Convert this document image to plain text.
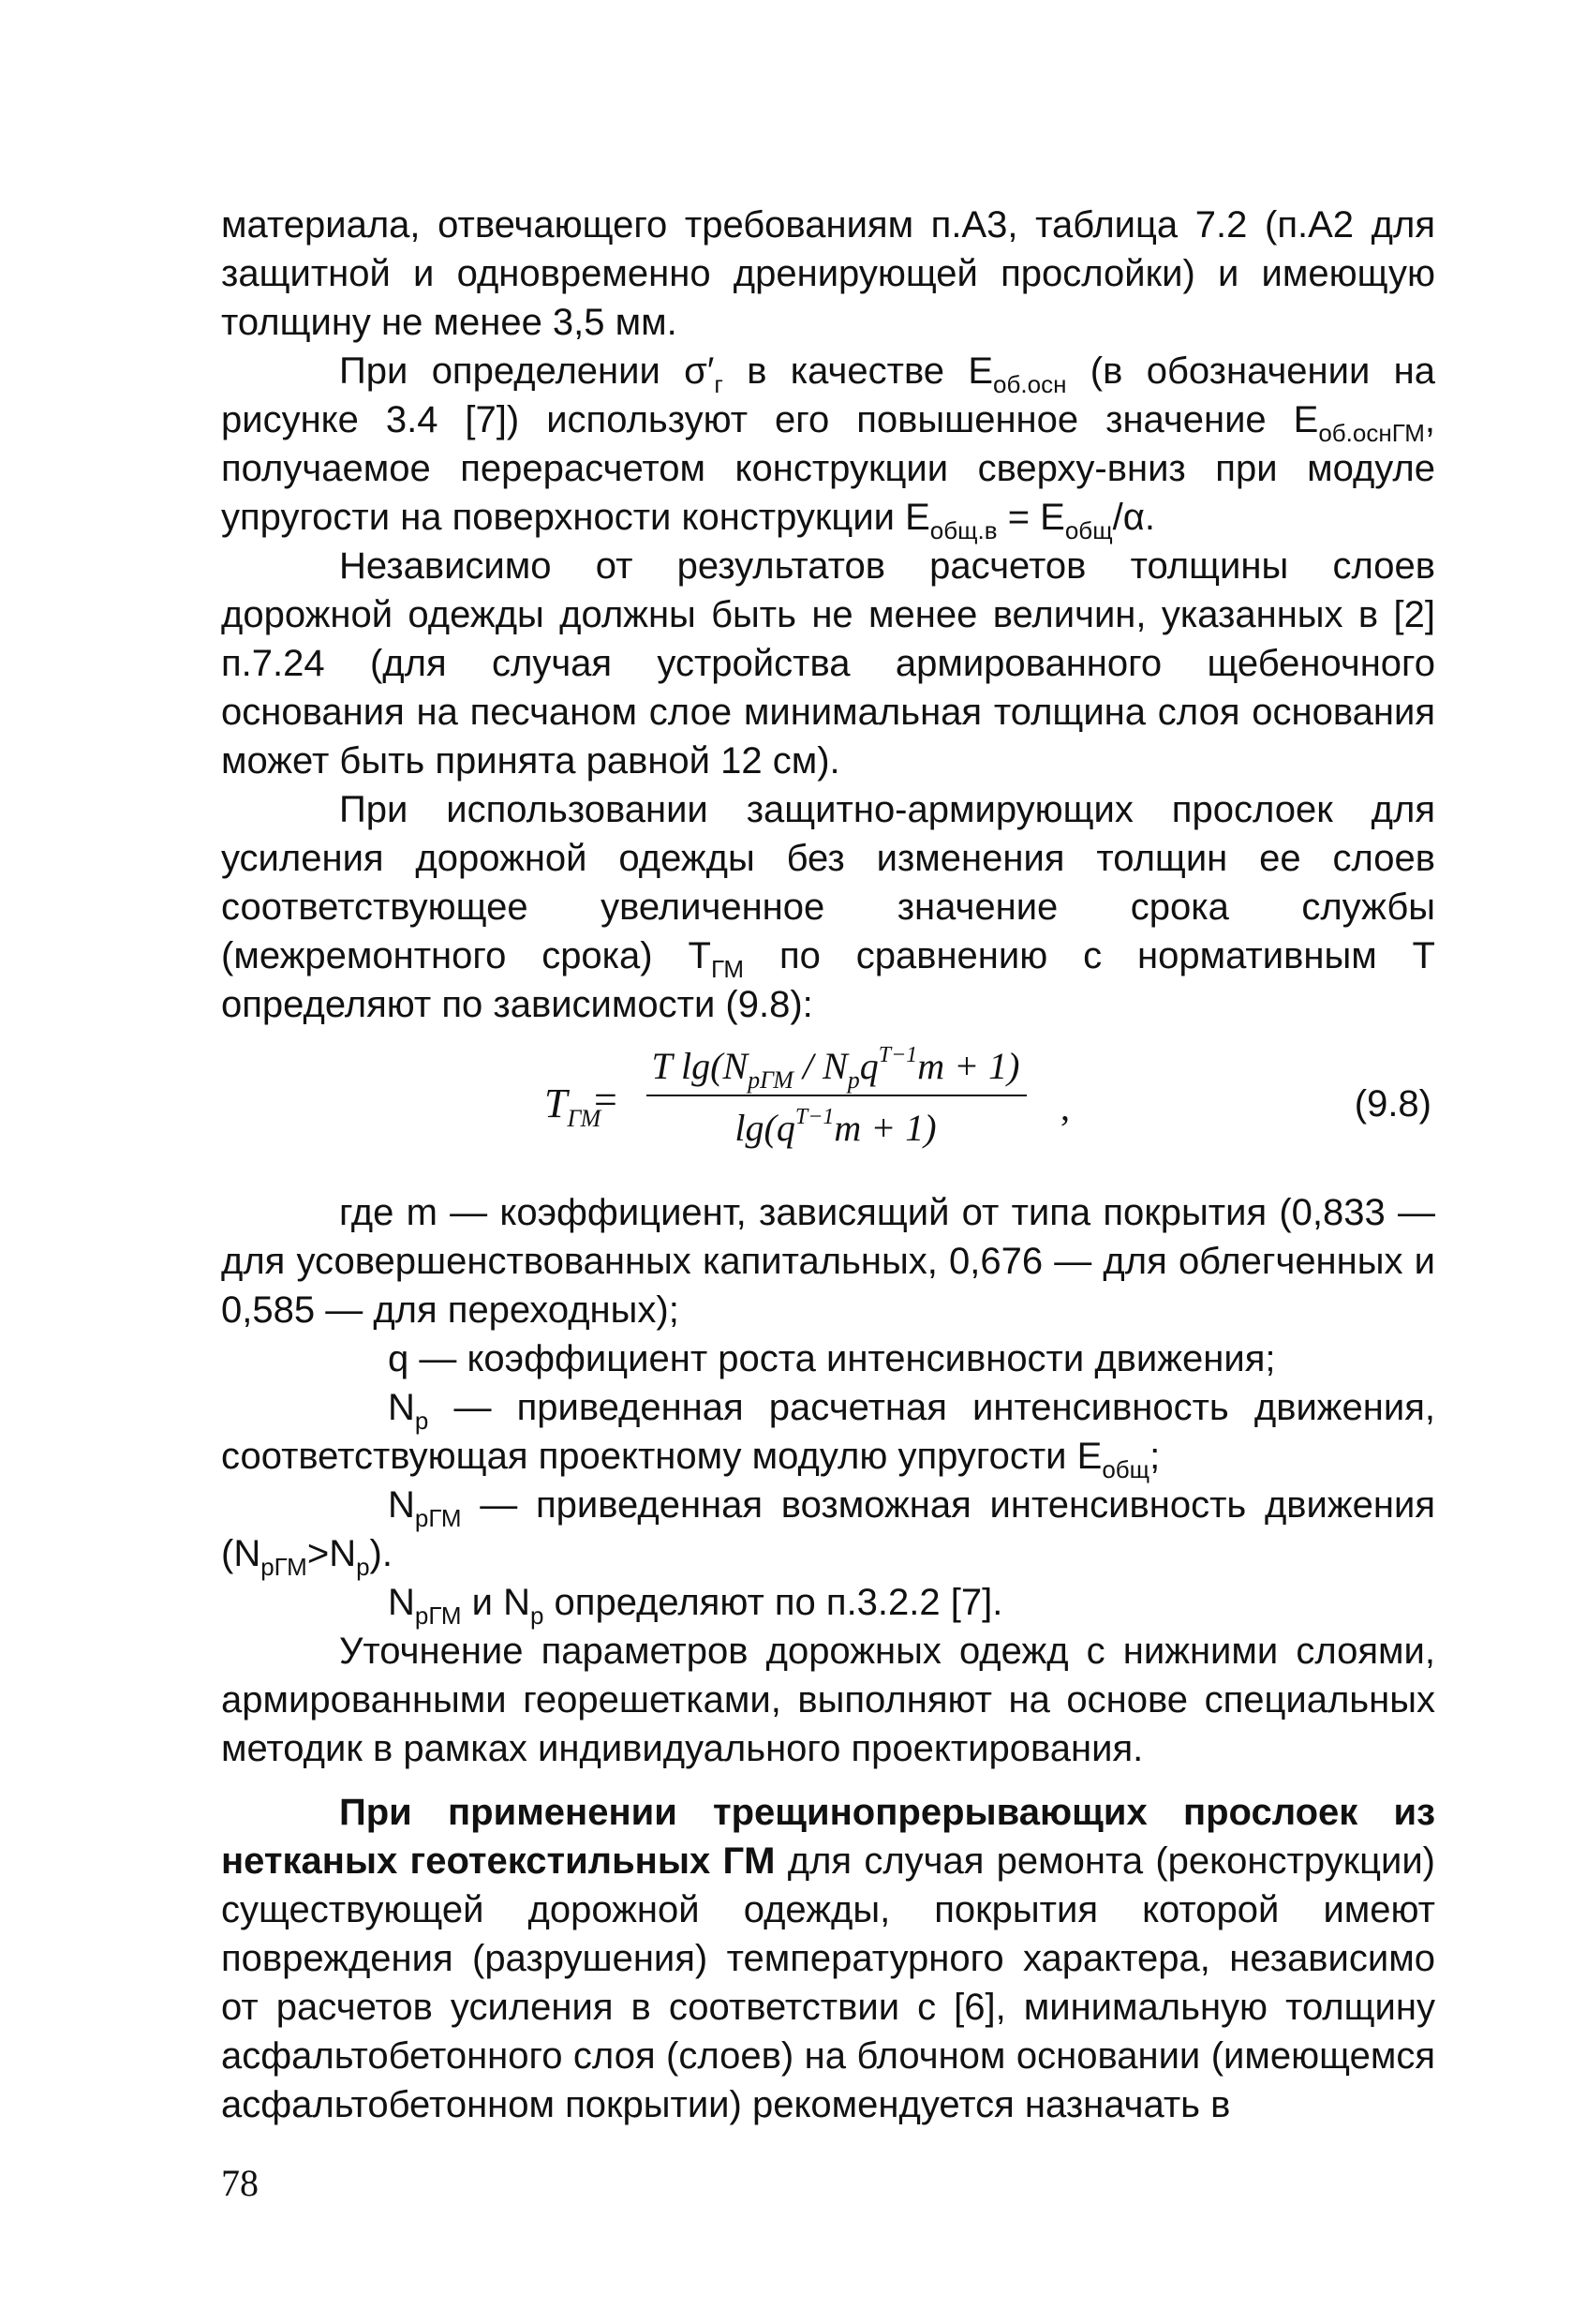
материала, отвечающего требованиям п.А3, таблица 7.2 (п.А2 для защитной и одновременно дренирующей прослойки) и имеющую толщину не менее 3,5 мм.

При определении $\sigma'_г$ в качестве $E_{об.осн}$ (в обозначении на рисунке 3.4 [7]) используют его повышенное значение $E_{об.оснГМ}$, получаемое перерасчетом конструкции сверху-вниз при модуле упругости на поверхности конструкции $E_{общ.в} = E_{общ}/\alpha$.

Независимо от результатов расчетов толщины слоев дорожной одежды должны быть не менее величин, указанных в [2] п.7.24 (для случая устройства армированного щебеночного основания на песчаном слое минимальная толщина слоя основания может быть принята равной 12 см).

При использовании защитно-армирующих прослоек для усиления дорожной одежды без изменения толщин ее слоев соответствующее увеличенное значение срока службы (межремонтного срока) $T_{ГМ}$ по сравнению с нормативным T определяют по зависимости (9.8):

$T_{ГМ}$
=
T $\lg(N_{рГМ} / N_рq^{T-1}m + 1)$
$\lg(q^{T-1}m + 1)$	,	(9.8)

где m — коэффициент, зависящий от типа покрытия (0,833 — для усовершенствованных капитальных, 0,676 — для облегченных и 0,585 — для переходных);

q — коэффициент роста интенсивности движения;

$N_р$ — приведенная расчетная интенсивность движения, соответствующая проектному модулю упругости $E_{общ}$;

$N_{рГМ}$ — приведенная возможная интенсивность движения $(N_{рГМ}>N_р)$.

$N_{рГМ}$ и $N_р$ определяют по п.3.2.2 [7].

Уточнение параметров дорожных одежд с нижними слоями, армированными георешетками, выполняют на основе специальных методик в рамках индивидуального проектирования.

При применении трещинопрерывающих прослоек из нетканых геотекстильных ГМ для случая ремонта (реконструкции) существующей дорожной одежды, покрытия которой имеют повреждения (разрушения) температурного характера, независимо от расчетов усиления в соответствии с [6], минимальную толщину асфальтобетонного слоя (слоев) на блочном основании (имеющемся асфальтобетонном покрытии) рекомендуется назначать в

78
